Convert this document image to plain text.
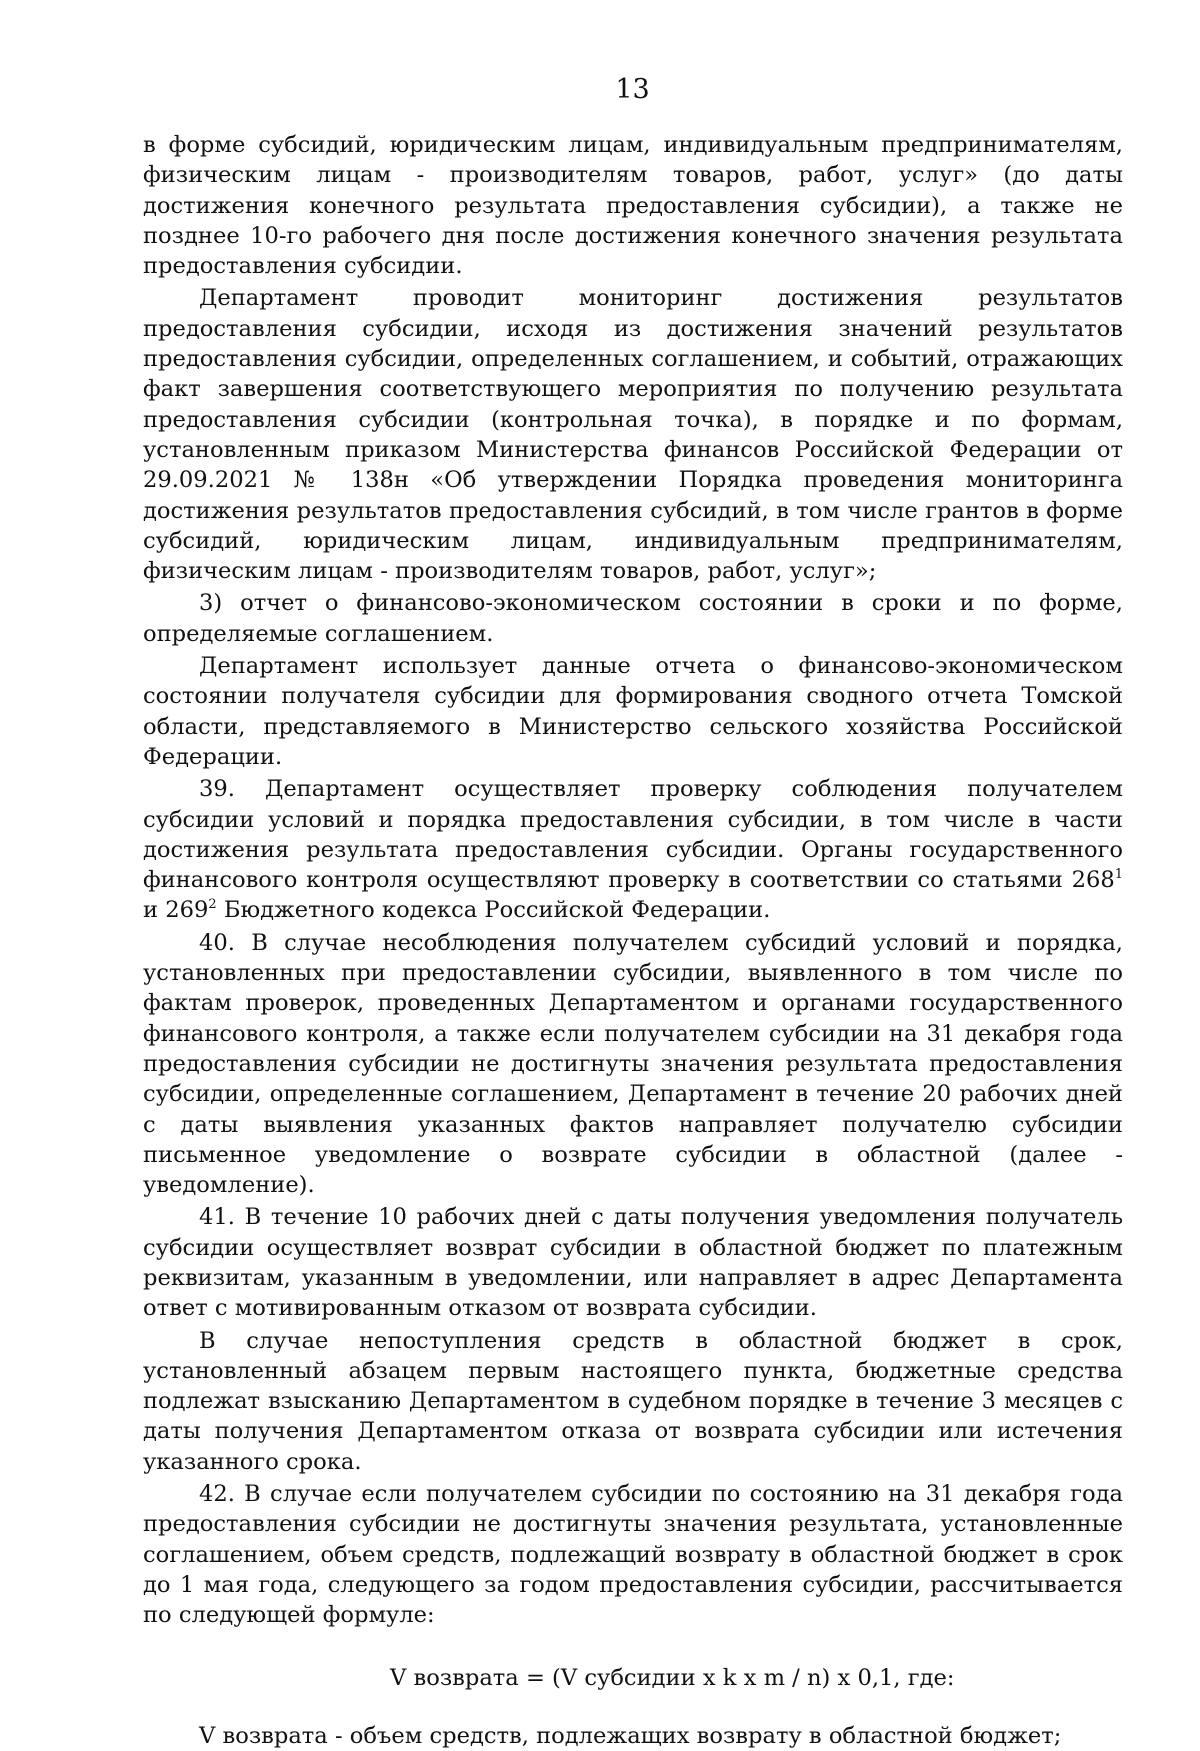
13

в форме субсидий, юридическим лицам, индивидуальным предпринимателям, физическим лицам - производителям товаров, работ, услуг» (до даты достижения конечного результата предоставления субсидии), а также не позднее 10-го рабочего дня после достижения конечного значения результата предоставления субсидии.

Департамент проводит мониторинг достижения результатов предоставления субсидии, исходя из достижения значений результатов предоставления субсидии, определенных соглашением, и событий, отражающих факт завершения соответствующего мероприятия по получению результата предоставления субсидии (контрольная точка), в порядке и по формам, установленным приказом Министерства финансов Российской Федерации от 29.09.2021 № 138н «Об утверждении Порядка проведения мониторинга достижения результатов предоставления субсидий, в том числе грантов в форме субсидий, юридическим лицам, индивидуальным предпринимателям, физическим лицам - производителям товаров, работ, услуг»;

3) отчет о финансово-экономическом состоянии в сроки и по форме, определяемые соглашением.

Департамент использует данные отчета о финансово-экономическом состоянии получателя субсидии для формирования сводного отчета Томской области, представляемого в Министерство сельского хозяйства Российской Федерации.

39. Департамент осуществляет проверку соблюдения получателем субсидии условий и порядка предоставления субсидии, в том числе в части достижения результата предоставления субсидии. Органы государственного финансового контроля осуществляют проверку в соответствии со статьями $268^1$ и $269^2$ Бюджетного кодекса Российской Федерации.

40. В случае несоблюдения получателем субсидий условий и порядка, установленных при предоставлении субсидии, выявленного в том числе по фактам проверок, проведенных Департаментом и органами государственного финансового контроля, а также если получателем субсидии на 31 декабря года предоставления субсидии не достигнуты значения результата предоставления субсидии, определенные соглашением, Департамент в течение 20 рабочих дней с даты выявления указанных фактов направляет получателю субсидии письменное уведомление о возврате субсидии в областной (далее - уведомление).

41. В течение 10 рабочих дней с даты получения уведомления получатель субсидии осуществляет возврат субсидии в областной бюджет по платежным реквизитам, указанным в уведомлении, или направляет в адрес Департамента ответ с мотивированным отказом от возврата субсидии.

В случае непоступления средств в областной бюджет в срок, установленный абзацем первым настоящего пункта, бюджетные средства подлежат взысканию Департаментом в судебном порядке в течение 3 месяцев с даты получения Департаментом отказа от возврата субсидии или истечения указанного срока.

42. В случае если получателем субсидии по состоянию на 31 декабря года предоставления субсидии не достигнуты значения результата, установленные соглашением, объем средств, подлежащий возврату в областной бюджет в срок до 1 мая года, следующего за годом предоставления субсидии, рассчитывается по следующей формуле:

V возврата = (V субсидии x k x m / n) x 0,1, где:

V возврата - объем средств, подлежащих возврату в областной бюджет;
